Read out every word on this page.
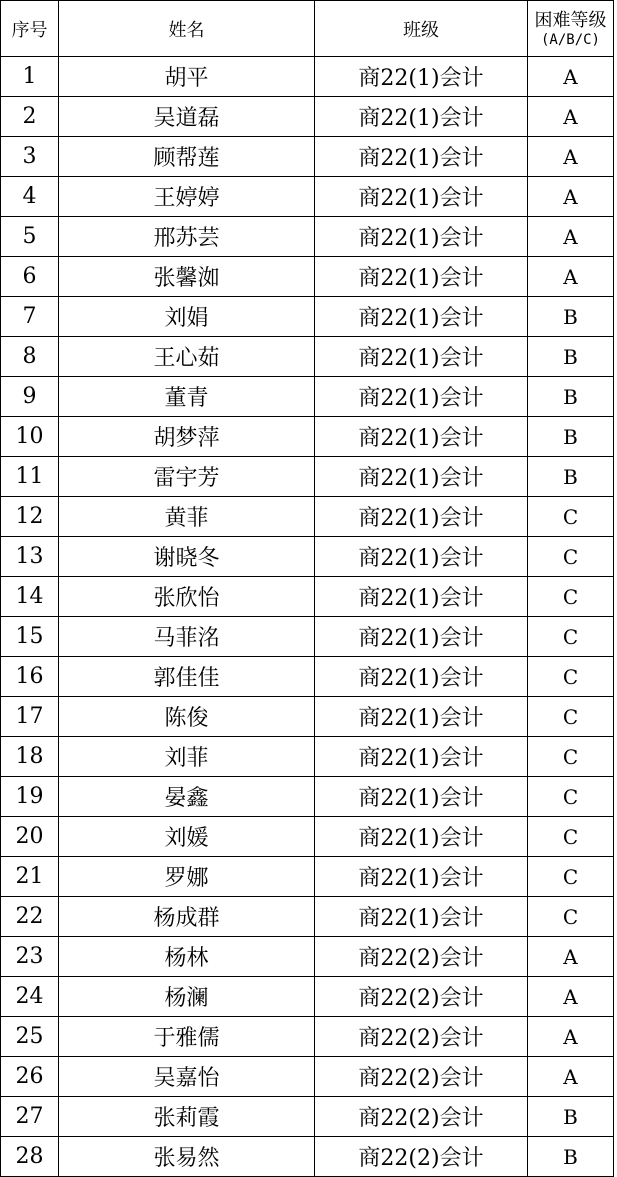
序号	姓名	班级	困难等级
(A/B/C)

1	胡平	商22(1)会计	A
2	吴道磊	商22(1)会计	A
3	顾帮莲	商22(1)会计	A
4	王婷婷	商22(1)会计	A
5	邢苏芸	商22(1)会计	A
6	张馨洳	商22(1)会计	A
7	刘娟	商22(1)会计	B
8	王心茹	商22(1)会计	B
9	董青	商22(1)会计	B
10	胡梦萍	商22(1)会计	B
11	雷宇芳	商22(1)会计	B
12	黄菲	商22(1)会计	C
13	谢晓冬	商22(1)会计	C
14	张欣怡	商22(1)会计	C
15	马菲洺	商22(1)会计	C
16	郭佳佳	商22(1)会计	C
17	陈俊	商22(1)会计	C
18	刘菲	商22(1)会计	C
19	晏鑫	商22(1)会计	C
20	刘媛	商22(1)会计	C
21	罗娜	商22(1)会计	C
22	杨成群	商22(1)会计	C
23	杨林	商22(2)会计	A
24	杨澜	商22(2)会计	A
25	于雅儒	商22(2)会计	A
26	吴嘉怡	商22(2)会计	A
27	张莉霞	商22(2)会计	B
28	张易然	商22(2)会计	B
